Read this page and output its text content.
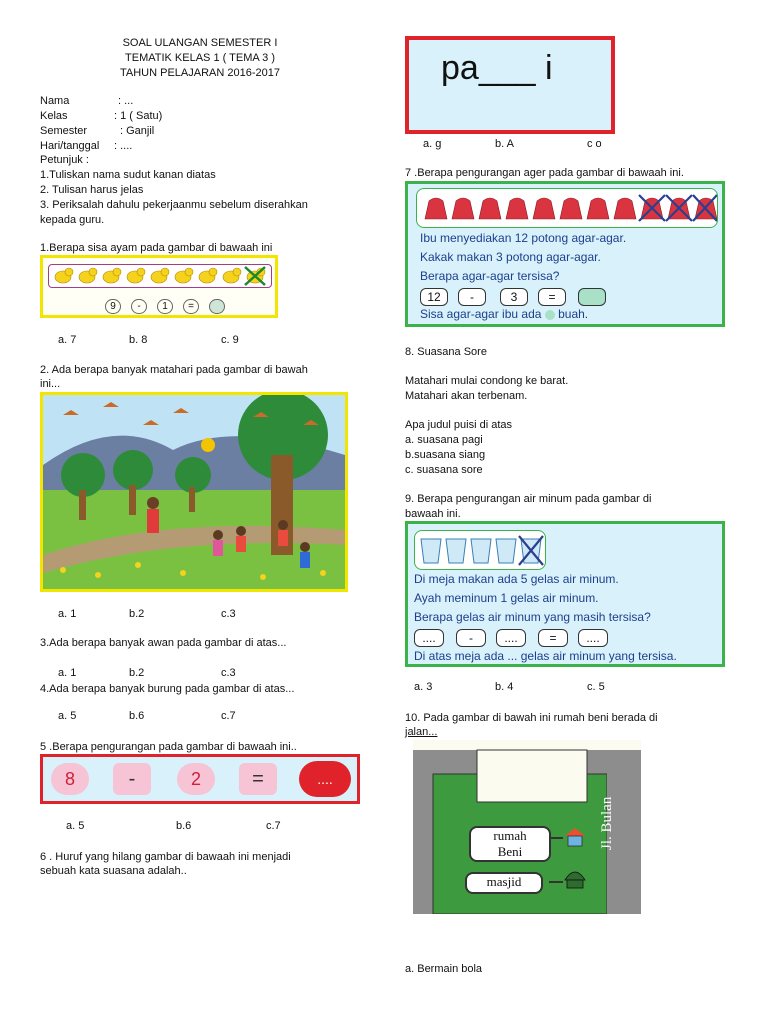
SOAL ULANGAN SEMESTER I
TEMATIK KELAS 1 ( TEMA 3 )
TAHUN PELAJARAN 2016-2017
Nama	: ...
Kelas	: 1 ( Satu)
Semester	: Ganjil
Hari/tanggal : ....
Petunjuk :
1.Tuliskan nama sudut kanan diatas
2. Tulisan harus jelas
3. Periksalah dahulu pekerjaanmu sebelum diserahkan
kepada guru.
1.Berapa sisa ayam pada gambar di bawaah ini
9	-	1	=
a. 7	b. 8	c. 9
2. Ada berapa banyak matahari pada gambar di bawah
ini...
a. 1	b.2	c.3
3.Ada berapa banyak awan pada gambar di atas...
a. 1	b.2	c.3
4.Ada berapa banyak burung pada gambar di atas...
a. 5	b.6	c.7
5 .Berapa pengurangan pada gambar di bawaah ini..
8	-	2	=	....
a. 5	b.6	c.7
6 . Huruf yang hilang gambar di bawaah ini menjadi
sebuah kata suasana adalah..
pa___ i
a. g	b. A	c o
7 .Berapa pengurangan ager pada gambar di bawaah ini.
Ibu menyediakan 12 potong agar-agar.
Kakak makan 3 potong agar-agar.
Berapa agar-agar tersisa?
12	-	3	=
Sisa agar-agar ibu ada buah.
8. Suasana Sore
Matahari mulai condong ke barat.
Matahari akan terbenam.
Apa judul puisi di atas
a. suasana pagi
b.suasana siang
c. suasana sore
9. Berapa pengurangan air minum pada gambar di
bawaah ini.
Di meja makan ada 5 gelas air minum.
Ayah meminum 1 gelas air minum.
Berapa gelas air minum yang masih tersisa?
....	-	....	=	....
Di atas meja ada ... gelas air minum yang tersisa.
a. 3	b. 4	c. 5
10. Pada gambar di bawah ini rumah beni berada di
jalan...
rumah
Beni
masjid
Jl. Bulan
a. Bermain bola
